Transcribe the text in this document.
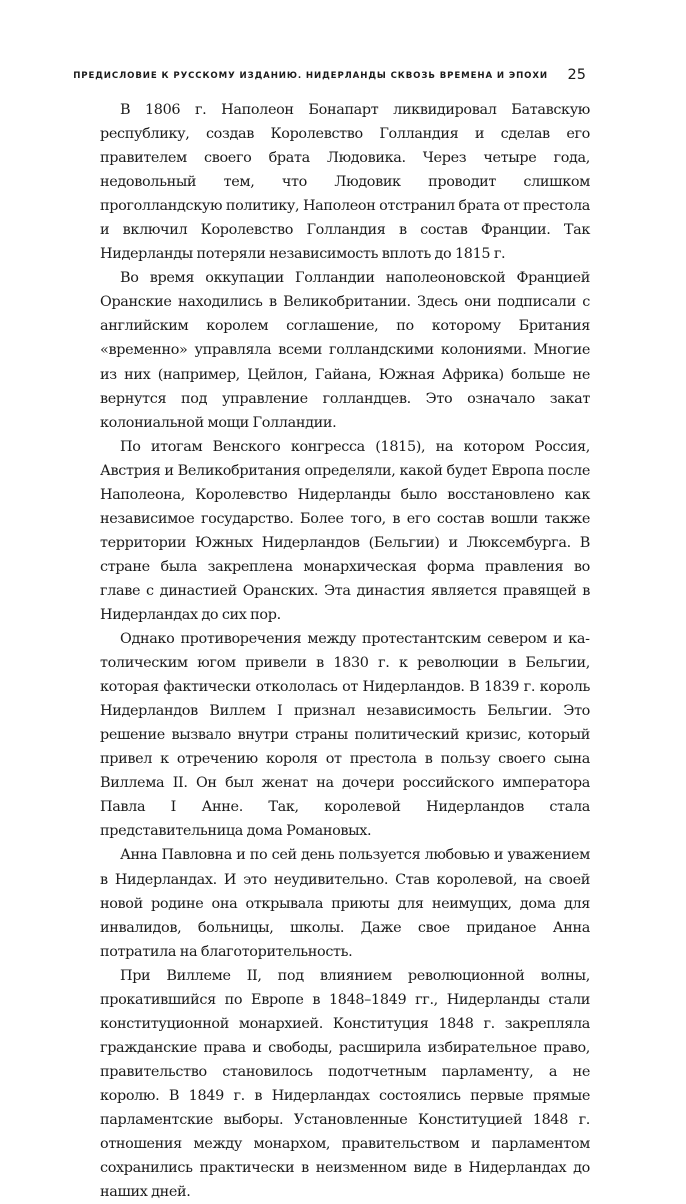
ПРЕДИСЛОВИЕ К РУССКОМУ ИЗДАНИЮ. НИДЕРЛАНДЫ СКВОЗЬ ВРЕМЕНА И ЭПОХИ 25

В 1806 г. Наполеон Бонапарт ликвидировал Батавскую республику, создав Королевство Голландия и сделав его правителем своего брата Людовика. Через четыре года, недовольный тем, что Людовик проводит слишком проголландскую политику, Наполеон отстранил брата от престола и включил Королевство Голландия в состав Франции. Так Нидерланды потеряли независимость вплоть до 1815 г.

Во время оккупации Голландии наполеоновской Францией Оранские находились в Великобритании. Здесь они подписали с английским королем соглашение, по которому Британия «временно» управляла всеми голландскими колониями. Многие из них (например, Цейлон, Гайана, Южная Африка) больше не вернутся под управление голландцев. Это означало закат колониальной мощи Голландии.

По итогам Венского конгресса (1815), на котором Россия, Австрия и Великобритания определяли, какой будет Европа после Наполеона, Королевство Нидерланды было восстановлено как независимое государство. Более того, в его состав вошли также территории Южных Нидерландов (Бельгии) и Люксембурга. В стране была закреплена монархическая форма правления во главе с династией Оранских. Эта династия является правящей в Нидерландах до сих пор.

Однако противоречения между протестантским севером и католическим югом привели в 1830 г. к революции в Бельгии, которая фактически откололась от Нидерландов. В 1839 г. король Нидерландов Виллем I признал независимость Бельгии. Это решение вызвало внутри страны политический кризис, который привел к отречению короля от престола в пользу своего сына Виллема II. Он был женат на дочери российского императора Павла I Анне. Так, королевой Нидерландов стала представительница дома Романовых.

Анна Павловна и по сей день пользуется любовью и уважением в Нидерландах. И это неудивительно. Став королевой, на своей новой родине она открывала приюты для неимущих, дома для инвалидов, больницы, школы. Даже свое приданое Анна потратила на благоторительность.

При Виллеме II, под влиянием революционной волны, прокатившийся по Европе в 1848–1849 гг., Нидерланды стали конституционной монархией. Конституция 1848 г. закрепляла гражданские права и свободы, расширила избирательное право, правительство становилось подотчетным парламенту, а не королю. В 1849 г. в Нидерландах состоялись первые прямые парламентские выборы. Установленные Конституцией 1848 г. отношения между монархом, правительством и парламентом сохранились практически в неизменном виде в Нидерландах до наших дней.
